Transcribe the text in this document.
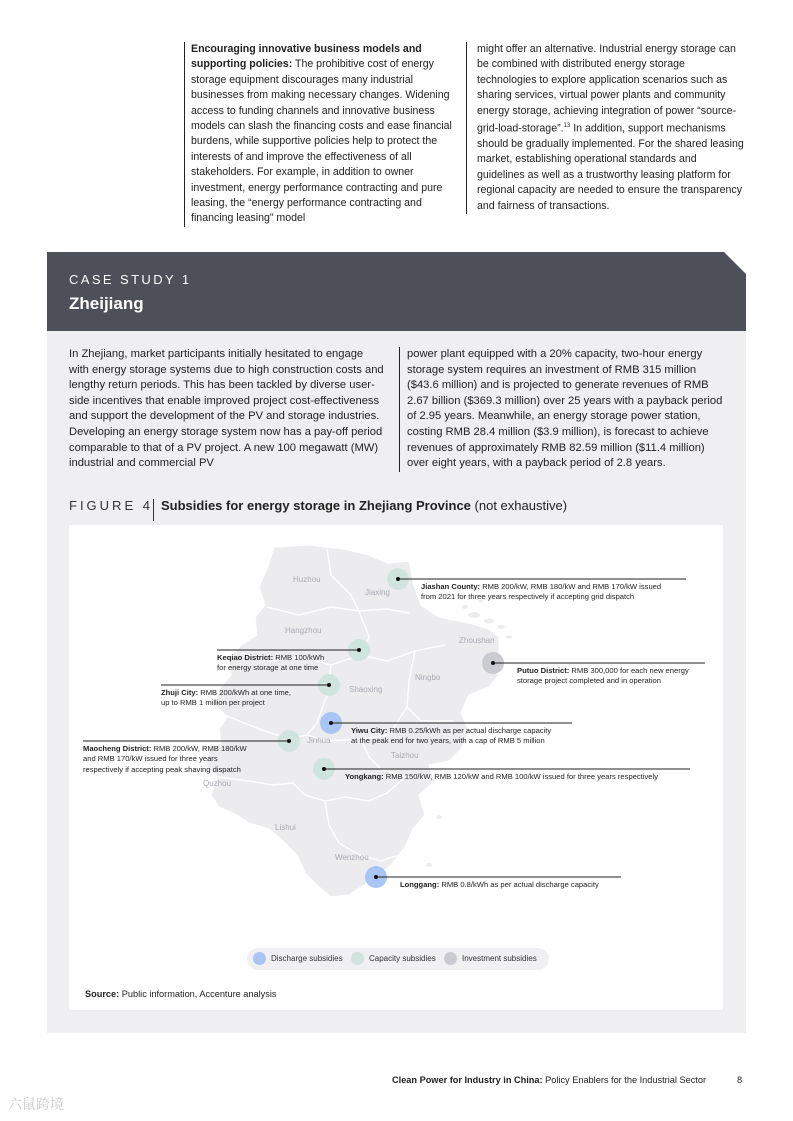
Encouraging innovative business models and supporting policies: The prohibitive cost of energy storage equipment discourages many industrial businesses from making necessary changes. Widening access to funding channels and innovative business models can slash the financing costs and ease financial burdens, while supportive policies help to protect the interests of and improve the effectiveness of all stakeholders. For example, in addition to owner investment, energy performance contracting and pure leasing, the “energy performance contracting and financing leasing” model
might offer an alternative. Industrial energy storage can be combined with distributed energy storage technologies to explore application scenarios such as sharing services, virtual power plants and community energy storage, achieving integration of power “source-grid-load-storage”.$^{13}$ In addition, support mechanisms should be gradually implemented. For the shared leasing market, establishing operational standards and guidelines as well as a trustworthy leasing platform for regional capacity are needed to ensure the transparency and fairness of transactions.
CASE STUDY 1
Zheijiang
In Zhejiang, market participants initially hesitated to engage with energy storage systems due to high construction costs and lengthy return periods. This has been tackled by diverse user-side incentives that enable improved project cost-effectiveness and support the development of the PV and storage industries. Developing an energy storage system now has a pay-off period comparable to that of a PV project. A new 100 megawatt (MW) industrial and commercial PV
power plant equipped with a 20% capacity, two-hour energy storage system requires an investment of RMB 315 million ($43.6 million) and is projected to generate revenues of RMB 2.67 billion ($369.3 million) over 25 years with a payback period of 2.95 years. Meanwhile, an energy storage power station, costing RMB 28.4 million ($3.9 million), is forecast to achieve revenues of approximately RMB 82.59 million ($11.4 million) over eight years, with a payback period of 2.8 years.
FIGURE 4 Subsidies for energy storage in Zhejiang Province (not exhaustive)
Huzhou
Jiaxing
Hangzhou
Zhoushan
Shaoxing
Ningbo
Jinhua
Taizhou
Quzhou
Lishui
Wenzhou
Jiashan County: RMB 200/kW, RMB 180/kW and RMB 170/kW issued
from 2021 for three years respectively if accepting grid dispatch
Keqiao District: RMB 100/kWh
for energy storage at one time	Putuo District: RMB 300,000 for each new energy
storage project completed and in operation
Zhuji City: RMB 200/kWh at one time,
up to RMB 1 million per project
Yiwu City: RMB 0.25/kWh as per actual discharge capacity
at the peak end for two years, with a cap of RMB 5 million
Maocheng District: RMB 200/kW, RMB 180/kW
and RMB 170/kW issued for three years
respectively if accepting peak shaving dispatch
Yongkang: RMB 150/kW, RMB 120/kW and RMB 100/kW issued for three years respectively
Longgang: RMB 0.8/kWh as per actual discharge capacity
Discharge subsidies	Capacity subsidies	Investment subsidies
Source: Public information, Accenture analysis
Clean Power for Industry in China: Policy Enablers for the Industrial Sector	8
六鼠跨境
